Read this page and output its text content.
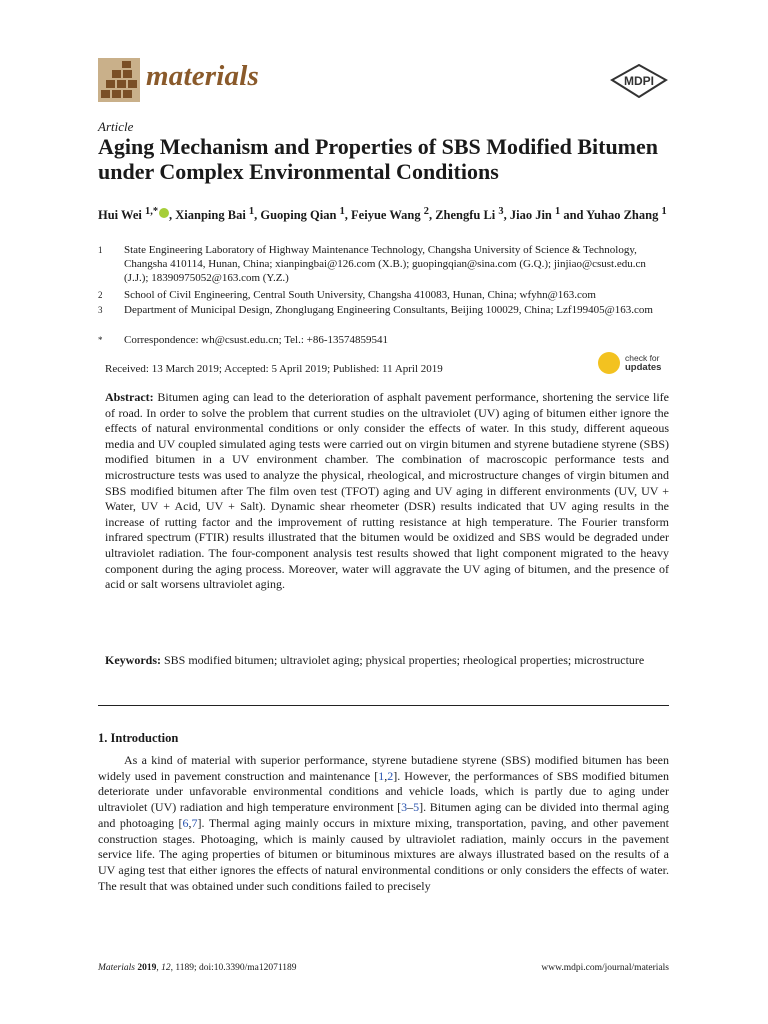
materials	MDPI
Article
Aging Mechanism and Properties of SBS Modified Bitumen under Complex Environmental Conditions
Hui Wei $^{1,*}$ , Xianping Bai $^1$, Guoping Qian $^1$, Feiyue Wang $^2$, Zhengfu Li $^3$, Jiao Jin $^1$ and Yuhao Zhang $^1$
1	State Engineering Laboratory of Highway Maintenance Technology, Changsha University of Science & Technology, Changsha 410114, Hunan, China; xianpingbai@126.com (X.B.); guopingqian@sina.com (G.Q.); jinjiao@csust.edu.cn (J.J.); 18390975052@163.com (Y.Z.)
2	School of Civil Engineering, Central South University, Changsha 410083, Hunan, China; wfyhn@163.com
3	Department of Municipal Design, Zhonglugang Engineering Consultants, Beijing 100029, China; Lzf199405@163.com
*	Correspondence: wh@csust.edu.cn; Tel.: +86-13574859541
Received: 13 March 2019; Accepted: 5 April 2019; Published: 11 April 2019
check for
updates
Abstract: Bitumen aging can lead to the deterioration of asphalt pavement performance, shortening the service life of road. In order to solve the problem that current studies on the ultraviolet (UV) aging of bitumen either ignore the effects of natural environmental conditions or only consider the effects of water. In this study, different aqueous media and UV coupled simulated aging tests were carried out on virgin bitumen and styrene butadiene styrene (SBS) modified bitumen in a UV environment chamber. The combination of macroscopic performance tests and microstructure tests was used to analyze the physical, rheological, and microstructure changes of virgin bitumen and SBS modified bitumen after The film oven test (TFOT) aging and UV aging in different environments (UV, UV + Water, UV + Acid, UV + Salt). Dynamic shear rheometer (DSR) results indicated that UV aging results in the increase of rutting factor and the improvement of rutting resistance at high temperature. The Fourier transform infrared spectrum (FTIR) results illustrated that the bitumen would be oxidized and SBS would be degraded under ultraviolet radiation. The four-component analysis test results showed that light component migrated to the heavy component during the aging process. Moreover, water will aggravate the UV aging of bitumen, and the presence of acid or salt worsens ultraviolet aging.
Keywords: SBS modified bitumen; ultraviolet aging; physical properties; rheological properties; microstructure
1. Introduction
As a kind of material with superior performance, styrene butadiene styrene (SBS) modified bitumen has been widely used in pavement construction and maintenance [1,2]. However, the performances of SBS modified bitumen deteriorate under unfavorable environmental conditions and vehicle loads, which is partly due to aging under ultraviolet (UV) radiation and high temperature environment [3–5]. Bitumen aging can be divided into thermal aging and photoaging [6,7]. Thermal aging mainly occurs in mixture mixing, transportation, paving, and other pavement construction stages. Photoaging, which is mainly caused by ultraviolet radiation, mainly occurs in the pavement service life. The aging properties of bitumen or bituminous mixtures are always illustrated based on the results of a UV aging test that either ignores the effects of natural environmental conditions or only considers the effects of water. The result that was obtained under such conditions failed to precisely
Materials 2019, 12, 1189; doi:10.3390/ma12071189	www.mdpi.com/journal/materials
